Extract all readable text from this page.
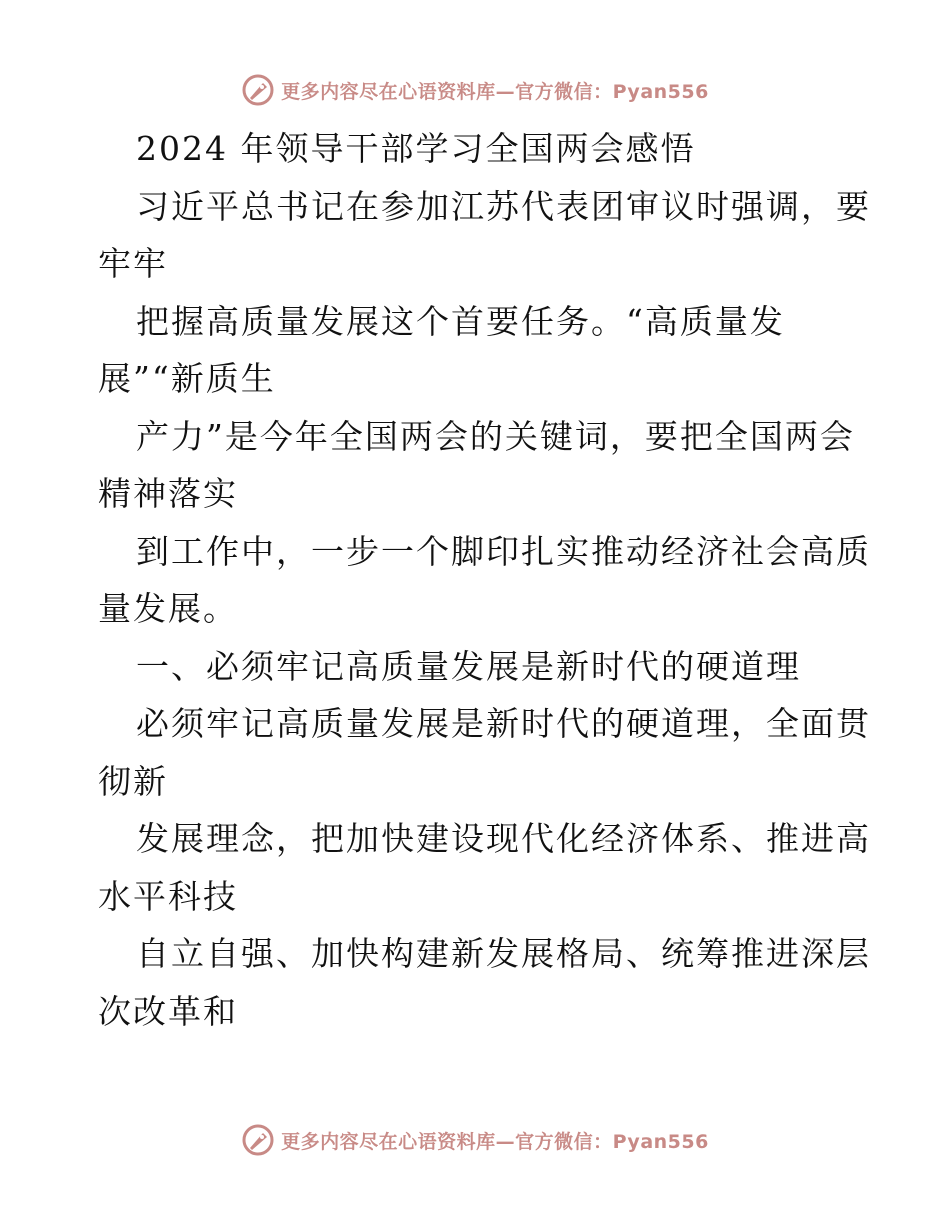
更多内容尽在心语资料库—官方微信：Pyan556
2024 年领导干部学习全国两会感悟
习近平总书记在参加江苏代表团审议时强调，要
牢牢
把握高质量发展这个首要任务。“高质量发
展”“新质生
产力”是今年全国两会的关键词，要把全国两会
精神落实
到工作中，一步一个脚印扎实推动经济社会高质
量发展。
一、必须牢记高质量发展是新时代的硬道理
必须牢记高质量发展是新时代的硬道理，全面贯
彻新
发展理念，把加快建设现代化经济体系、推进高
水平科技
自立自强、加快构建新发展格局、统筹推进深层
次改革和
更多内容尽在心语资料库—官方微信：Pyan556
